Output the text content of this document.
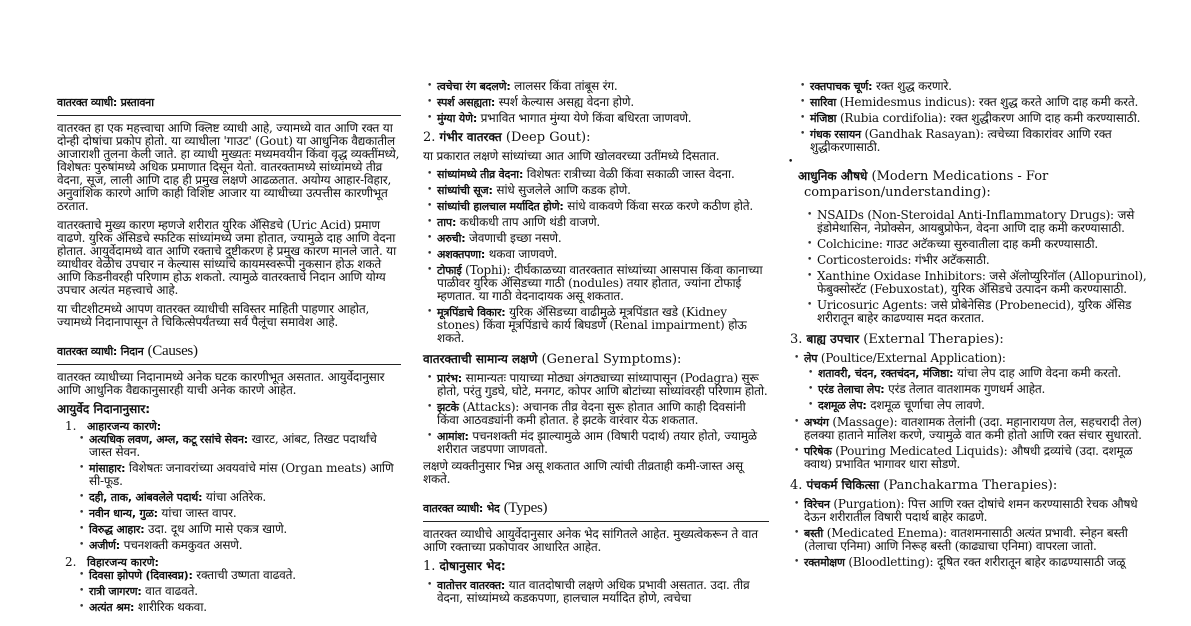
वातरक्त व्याधी: प्रस्तावना

वातरक्त हा एक महत्त्वाचा आणि क्लिष्ट व्याधी आहे, ज्यामध्ये वात आणि रक्त या दोन्ही दोषांचा प्रकोप होतो. या व्याधीला 'गाउट' (Gout) या आधुनिक वैद्यकातील आजाराशी तुलना केली जाते. हा व्याधी मुख्यतः मध्यमवयीन किंवा वृद्ध व्यक्तींमध्ये, विशेषतः पुरुषांमध्ये अधिक प्रमाणात दिसून येतो. वातरक्तामध्ये सांध्यांमध्ये तीव्र वेदना, सूज, लाली आणि दाह ही प्रमुख लक्षणे आढळतात. अयोग्य आहार-विहार, अनुवांशिक कारणे आणि काही विशिष्ट आजार या व्याधीच्या उत्पत्तीस कारणीभूत ठरतात.

वातरक्ताचे मुख्य कारण म्हणजे शरीरात युरिक ॲसिडचे (Uric Acid) प्रमाण वाढणे. युरिक ॲसिडचे स्फटिक सांध्यांमध्ये जमा होतात, ज्यामुळे दाह आणि वेदना होतात. आयुर्वेदामध्ये वात आणि रक्ताचे दुष्टीकरण हे प्रमुख कारण मानले जाते. या व्याधीवर वेळीच उपचार न केल्यास सांध्यांचे कायमस्वरूपी नुकसान होऊ शकते आणि किडनीवरही परिणाम होऊ शकतो. त्यामुळे वातरक्ताचे निदान आणि योग्य उपचार अत्यंत महत्त्वाचे आहे.

या चीटशीटमध्ये आपण वातरक्त व्याधीची सविस्तर माहिती पाहणार आहोत, ज्यामध्ये निदानापासून ते चिकित्सेपर्यंतच्या सर्व पैलूंचा समावेश आहे.

वातरक्त व्याधी: निदान (Causes)

वातरक्त व्याधीच्या निदानामध्ये अनेक घटक कारणीभूत असतात. आयुर्वेदानुसार आणि आधुनिक वैद्यकानुसारही याची अनेक कारणे आहेत.

आयुर्वेद निदानानुसार:
1. आहारजन्य कारणे:
• अत्यधिक लवण, अम्ल, कटू रसांचे सेवन: खारट, आंबट, तिखट पदार्थांचे जास्त सेवन.
• मांसाहार: विशेषतः जनावरांच्या अवयवांचे मांस (Organ meats) आणि सी-फूड.
• दही, ताक, आंबवलेले पदार्थ: यांचा अतिरेक.
• नवीन धान्य, गुळ: यांचा जास्त वापर.
• विरुद्ध आहार: उदा. दूध आणि मासे एकत्र खाणे.
• अजीर्ण: पचनशक्ती कमकुवत असणे.
2. विहारजन्य कारणे:
• दिवसा झोपणे (दिवास्वप्न): रक्ताची उष्णता वाढवते.
• रात्री जागरण: वात वाढवते.
• अत्यंत श्रम: शारीरिक थकवा.
• त्वचेचा रंग बदलणे: लालसर किंवा तांबूस रंग.
• स्पर्श असह्यता: स्पर्श केल्यास असह्य वेदना होणे.
• मुंग्या येणे: प्रभावित भागात मुंग्या येणे किंवा बधिरता जाणवणे.
2. गंभीर वातरक्त (Deep Gout):

या प्रकारात लक्षणे सांध्यांच्या आत आणि खोलवरच्या उतींमध्ये दिसतात.

• सांध्यांमध्ये तीव्र वेदना: विशेषतः रात्रीच्या वेळी किंवा सकाळी जास्त वेदना.
• सांध्यांची सूज: सांधे सुजलेले आणि कडक होणे.
• सांध्यांची हालचाल मर्यादित होणे: सांधे वाकवणे किंवा सरळ करणे कठीण होते.
• ताप: कधीकधी ताप आणि थंडी वाजणे.
• अरुची: जेवणाची इच्छा नसणे.
• अशक्तपणा: थकवा जाणवणे.
• टोफाई (Tophi): दीर्घकाळच्या वातरक्तात सांध्यांच्या आसपास किंवा कानाच्या पाळीवर युरिक ॲसिडच्या गाठी (nodules) तयार होतात, ज्यांना टोफाई म्हणतात. या गाठी वेदनादायक असू शकतात.
• मूत्रपिंडाचे विकार: युरिक ॲसिडच्या वाढीमुळे मूत्रपिंडात खडे (Kidney stones) किंवा मूत्रपिंडाचे कार्य बिघडणे (Renal impairment) होऊ शकते.
वातरक्ताची सामान्य लक्षणे (General Symptoms):
• प्रारंभ: सामान्यतः पायाच्या मोठ्या अंगठ्याच्या सांध्यापासून (Podagra) सुरू होतो, परंतु गुडघे, घोटे, मनगट, कोपर आणि बोटांच्या सांध्यांवरही परिणाम होतो.
• झटके (Attacks): अचानक तीव्र वेदना सुरू होतात आणि काही दिवसांनी किंवा आठवड्यांनी कमी होतात. हे झटके वारंवार येऊ शकतात.
• आमांश: पचनशक्ती मंद झाल्यामुळे आम (विषारी पदार्थ) तयार होतो, ज्यामुळे शरीरात जडपणा जाणवतो.

लक्षणे व्यक्तीनुसार भिन्न असू शकतात आणि त्यांची तीव्रताही कमी-जास्त असू शकते.

वातरक्त व्याधी: भेद (Types)

वातरक्त व्याधीचे आयुर्वेदानुसार अनेक भेद सांगितले आहेत. मुख्यत्वेकरून ते वात आणि रक्ताच्या प्रकोपावर आधारित आहेत.

1. दोषानुसार भेद:
• वातोत्तर वातरक्त: यात वातदोषाची लक्षणे अधिक प्रभावी असतात. उदा. तीव्र वेदना, सांध्यांमध्ये कडकपणा, हालचाल मर्यादित होणे, त्वचेचा
• रक्तपाचक चूर्ण: रक्त शुद्ध करणारे.
• सारिवा (Hemidesmus indicus): रक्त शुद्ध करते आणि दाह कमी करते.
• मंजिष्ठा (Rubia cordifolia): रक्त शुद्धीकरण आणि दाह कमी करण्यासाठी.
• गंधक रसायन (Gandhak Rasayan): त्वचेच्या विकारांवर आणि रक्त शुद्धीकरणासाठी.
•
आधुनिक औषधे (Modern Medications - For
comparison/understanding):
• NSAIDs (Non-Steroidal Anti-Inflammatory Drugs): जसे इंडोमेथासिन, नेप्रोक्सेन, आयबुप्रोफेन, वेदना आणि दाह कमी करण्यासाठी.
• Colchicine: गाउट अटॅकच्या सुरुवातीला दाह कमी करण्यासाठी.
• Corticosteroids: गंभीर अटॅकसाठी.
• Xanthine Oxidase Inhibitors: जसे ॲलोप्युरिनॉल (Allopurinol), फेबुक्सोस्टॅट (Febuxostat), युरिक ॲसिडचे उत्पादन कमी करण्यासाठी.
• Uricosuric Agents: जसे प्रोबेनेसिड (Probenecid), युरिक ॲसिड शरीरातून बाहेर काढण्यास मदत करतात.
3. बाह्य उपचार (External Therapies):
• लेप (Poultice/External Application):
• शतावरी, चंदन, रक्तचंदन, मंजिष्ठा: यांचा लेप दाह आणि वेदना कमी करतो.
• एरंड तेलाचा लेप: एरंड तेलात वातशामक गुणधर्म आहेत.
• दशमूळ लेप: दशमूळ चूर्णाचा लेप लावणे.
• अभ्यंग (Massage): वातशामक तेलांनी (उदा. महानारायण तेल, सहचरादी तेल) हलक्या हाताने मालिश करणे, ज्यामुळे वात कमी होतो आणि रक्त संचार सुधारतो.
• परिषेक (Pouring Medicated Liquids): औषधी द्रव्यांचे (उदा. दशमूळ क्वाथ) प्रभावित भागावर धारा सोडणे.
4. पंचकर्म चिकित्सा (Panchakarma Therapies):
• विरेचन (Purgation): पित्त आणि रक्त दोषांचे शमन करण्यासाठी रेचक औषधे देऊन शरीरातील विषारी पदार्थ बाहेर काढणे.
• बस्ती (Medicated Enema): वातशमनासाठी अत्यंत प्रभावी. स्नेहन बस्ती (तेलाचा एनिमा) आणि निरूह बस्ती (काढ्याचा एनिमा) वापरला जातो.
• रक्तमोक्षण (Bloodletting): दूषित रक्त शरीरातून बाहेर काढण्यासाठी जळू
